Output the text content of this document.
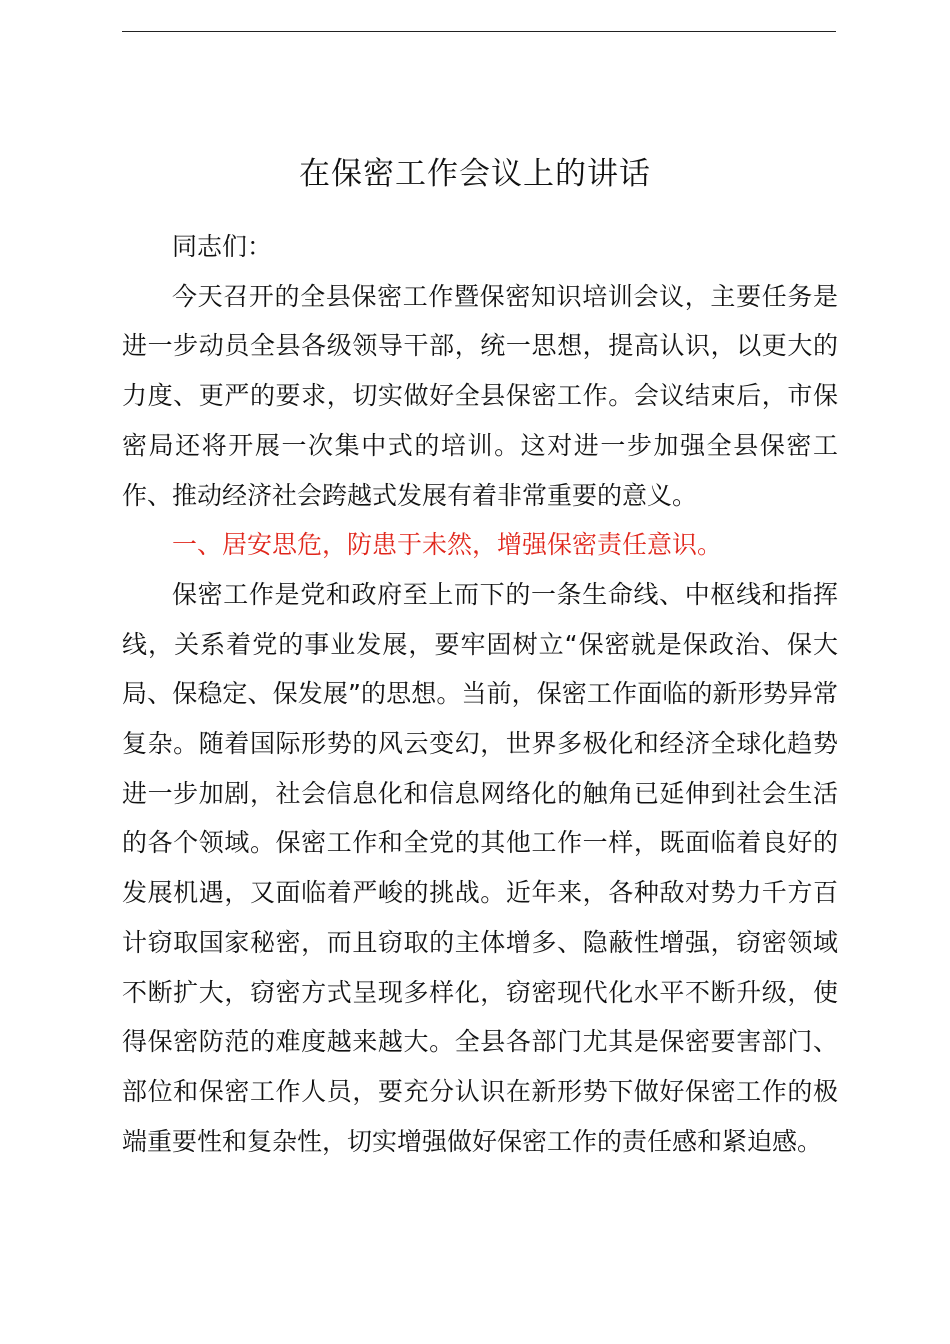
在保密工作会议上的讲话

同志们：

今天召开的全县保密工作暨保密知识培训会议，主要任务是进一步动员全县各级领导干部，统一思想，提高认识，以更大的力度、更严的要求，切实做好全县保密工作。会议结束后，市保密局还将开展一次集中式的培训。这对进一步加强全县保密工作、推动经济社会跨越式发展有着非常重要的意义。

一、居安思危，防患于未然，增强保密责任意识。

保密工作是党和政府至上而下的一条生命线、中枢线和指挥线，关系着党的事业发展，要牢固树立“保密就是保政治、保大局、保稳定、保发展”的思想。当前，保密工作面临的新形势异常复杂。随着国际形势的风云变幻，世界多极化和经济全球化趋势进一步加剧，社会信息化和信息网络化的触角已延伸到社会生活的各个领域。保密工作和全党的其他工作一样，既面临着良好的发展机遇，又面临着严峻的挑战。近年来，各种敌对势力千方百计窃取国家秘密，而且窃取的主体增多、隐蔽性增强，窃密领域不断扩大，窃密方式呈现多样化，窃密现代化水平不断升级，使得保密防范的难度越来越大。全县各部门尤其是保密要害部门、部位和保密工作人员，要充分认识在新形势下做好保密工作的极端重要性和复杂性，切实增强做好保密工作的责任感和紧迫感。
